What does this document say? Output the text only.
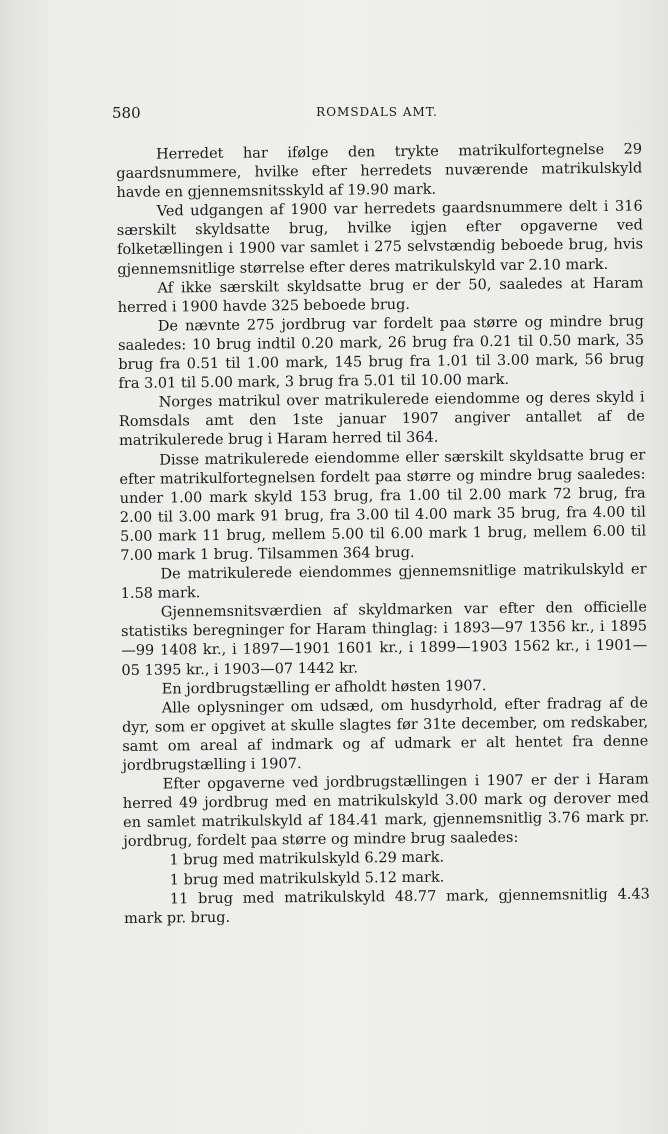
580	ROMSDALS AMT.

Herredet har ifølge den trykte matrikulfortegnelse 29 gaardsnummere, hvilke efter herredets nuværende matrikulskyld havde en gjennemsnitsskyld af 19.90 mark.

Ved udgangen af 1900 var herredets gaardsnummere delt i 316 særskilt skyldsatte brug, hvilke igjen efter opgaverne ved folketællingen i 1900 var samlet i 275 selvstændig beboede brug, hvis gjennemsnitlige størrelse efter deres matrikulskyld var 2.10 mark.

Af ikke særskilt skyldsatte brug er der 50, saaledes at Haram herred i 1900 havde 325 beboede brug.

De nævnte 275 jordbrug var fordelt paa større og mindre brug saaledes: 10 brug indtil 0.20 mark, 26 brug fra 0.21 til 0.50 mark, 35 brug fra 0.51 til 1.00 mark, 145 brug fra 1.01 til 3.00 mark, 56 brug fra 3.01 til 5.00 mark, 3 brug fra 5.01 til 10.00 mark.

Norges matrikul over matrikulerede eiendomme og deres skyld i Romsdals amt den 1ste januar 1907 angiver antallet af de matrikulerede brug i Haram herred til 364.

Disse matrikulerede eiendomme eller særskilt skyldsatte brug er efter matrikulfortegnelsen fordelt paa større og mindre brug saaledes: under 1.00 mark skyld 153 brug, fra 1.00 til 2.00 mark 72 brug, fra 2.00 til 3.00 mark 91 brug, fra 3.00 til 4.00 mark 35 brug, fra 4.00 til 5.00 mark 11 brug, mellem 5.00 til 6.00 mark 1 brug, mellem 6.00 til 7.00 mark 1 brug. Tilsammen 364 brug.

De matrikulerede eiendommes gjennemsnitlige matrikulskyld er 1.58 mark.

Gjennemsnitsværdien af skyldmarken var efter den officielle statistiks beregninger for Haram thinglag: i 1893—97 1356 kr., i 1895—99 1408 kr., i 1897—1901 1601 kr., i 1899—1903 1562 kr., i 1901—05 1395 kr., i 1903—07 1442 kr.

En jordbrugstælling er afholdt høsten 1907.

Alle oplysninger om udsæd, om husdyrhold, efter fradrag af de dyr, som er opgivet at skulle slagtes før 31te december, om redskaber, samt om areal af indmark og af udmark er alt hentet fra denne jordbrugstælling i 1907.

Efter opgaverne ved jordbrugstællingen i 1907 er der i Haram herred 49 jordbrug med en matrikulskyld 3.00 mark og derover med en samlet matrikulskyld af 184.41 mark, gjennemsnitlig 3.76 mark pr. jordbrug, fordelt paa større og mindre brug saaledes:

1 brug med matrikulskyld 6.29 mark.

1 brug med matrikulskyld 5.12 mark.

11 brug med matrikulskyld 48.77 mark, gjennemsnitlig 4.43 mark pr. brug.
